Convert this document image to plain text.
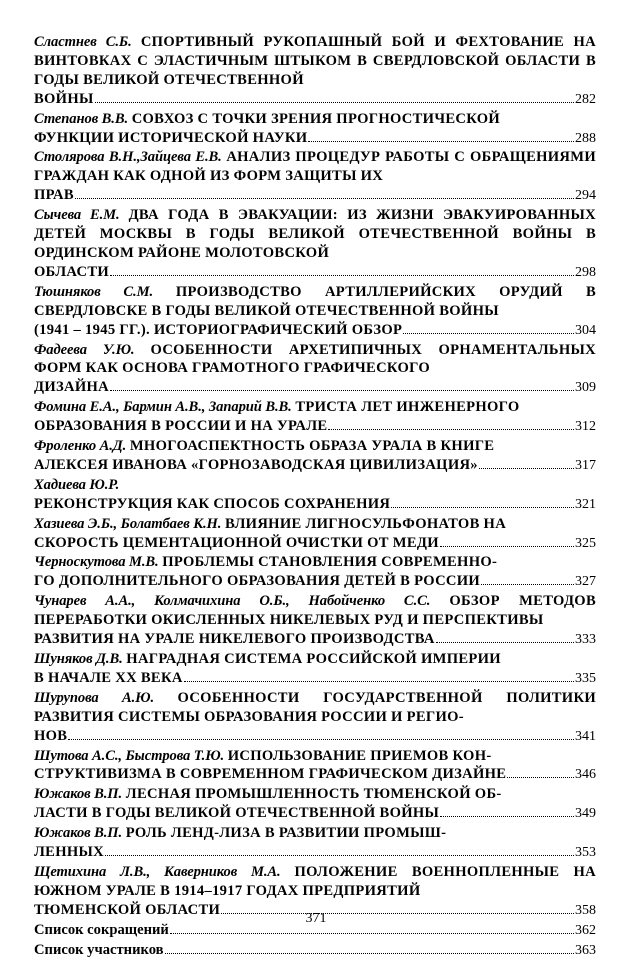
Сластнев С.Б. СПОРТИВНЫЙ РУКОПАШНЫЙ БОЙ И ФЕХТОВАНИЕ НА ВИНТОВКАХ С ЭЛАСТИЧНЫМ ШТЫКОМ В СВЕРДЛОВСКОЙ ОБЛАСТИ В ГОДЫ ВЕЛИКОЙ ОТЕЧЕСТВЕННОЙ
ВОЙНЫ	282
Степанов В.В. СОВХОЗ С ТОЧКИ ЗРЕНИЯ ПРОГНОСТИЧЕСКОЙ
ФУНКЦИИ ИСТОРИЧЕСКОЙ НАУКИ	288
Столярова В.Н.,Зайцева Е.В. АНАЛИЗ ПРОЦЕДУР РАБОТЫ С ОБРАЩЕНИЯМИ ГРАЖДАН КАК ОДНОЙ ИЗ ФОРМ ЗАЩИТЫ ИХ
ПРАВ	294
Сычева Е.М. ДВА ГОДА В ЭВАКУАЦИИ: ИЗ ЖИЗНИ ЭВАКУИРОВАННЫХ ДЕТЕЙ МОСКВЫ В ГОДЫ ВЕЛИКОЙ ОТЕЧЕСТВЕННОЙ ВОЙНЫ В ОРДИНСКОМ РАЙОНЕ МОЛОТОВСКОЙ
ОБЛАСТИ	298
Тюшняков С.М. ПРОИЗВОДСТВО АРТИЛЛЕРИЙСКИХ ОРУДИЙ В СВЕРДЛОВСКЕ В ГОДЫ ВЕЛИКОЙ ОТЕЧЕСТВЕННОЙ ВОЙНЫ
(1941 – 1945 ГГ.). ИСТОРИОГРАФИЧЕСКИЙ ОБЗОР	304
Фадеева У.Ю. ОСОБЕННОСТИ АРХЕТИПИЧНЫХ ОРНАМЕНТАЛЬНЫХ ФОРМ КАК ОСНОВА ГРАМОТНОГО ГРАФИЧЕСКОГО
ДИЗАЙНА	309
Фомина Е.А., Бармин А.В., Запарий В.В. ТРИСТА ЛЕТ ИНЖЕНЕРНОГО
ОБРАЗОВАНИЯ В РОССИИ И НА УРАЛЕ	312
Фроленко А.Д. МНОГОАСПЕКТНОСТЬ ОБРАЗА УРАЛА В КНИГЕ
АЛЕКСЕЯ ИВАНОВА «ГОРНОЗАВОДСКАЯ ЦИВИЛИЗАЦИЯ»	317
Хадиева Ю.Р.
РЕКОНСТРУКЦИЯ КАК СПОСОБ СОХРАНЕНИЯ	321
Хазиева Э.Б., Болатбаев К.Н. ВЛИЯНИЕ ЛИГНОСУЛЬФОНАТОВ НА
СКОРОСТЬ ЦЕМЕНТАЦИОННОЙ ОЧИСТКИ ОТ МЕДИ	325
Черноскутова М.В. ПРОБЛЕМЫ СТАНОВЛЕНИЯ СОВРЕМЕННО-
ГО ДОПОЛНИТЕЛЬНОГО ОБРАЗОВАНИЯ ДЕТЕЙ В РОССИИ	327
Чунарев А.А., Колмачихина О.Б., Набойченко С.С. ОБЗОР МЕТОДОВ ПЕРЕРАБОТКИ ОКИСЛЕННЫХ НИКЕЛЕВЫХ РУД И ПЕРСПЕКТИВЫ
РАЗВИТИЯ НА УРАЛЕ НИКЕЛЕВОГО ПРОИЗВОДСТВА	333
Шуняков Д.В. НАГРАДНАЯ СИСТЕМА РОССИЙСКОЙ ИМПЕРИИ
В НАЧАЛЕ ХХ ВЕКА	335
Шурупова А.Ю. ОСОБЕННОСТИ ГОСУДАРСТВЕННОЙ ПОЛИТИКИ РАЗВИТИЯ СИСТЕМЫ ОБРАЗОВАНИЯ РОССИИ И РЕГИО-
НОВ	341
Шутова А.С., Быстрова Т.Ю. ИСПОЛЬЗОВАНИЕ ПРИЕМОВ КОН-
СТРУКТИВИЗМА В СОВРЕМЕННОМ ГРАФИЧЕСКОМ ДИЗАЙНЕ	346
Южаков В.П. ЛЕСНАЯ ПРОМЫШЛЕННОСТЬ ТЮМЕНСКОЙ ОБ-
ЛАСТИ В ГОДЫ ВЕЛИКОЙ ОТЕЧЕСТВЕННОЙ ВОЙНЫ	349
Южаков В.П. РОЛЬ ЛЕНД-ЛИЗА В РАЗВИТИИ ПРОМЫШ-
ЛЕННЫХ	353
Щетихина Л.В., Каверников М.А. ПОЛОЖЕНИЕ ВОЕННОПЛЕННЫЕ НА ЮЖНОМ УРАЛЕ В 1914–1917 ГОДАХ ПРЕДПРИЯТИЙ
ТЮМЕНСКОЙ ОБЛАСТИ	358
Список сокращений	362
Список участников	363
371
